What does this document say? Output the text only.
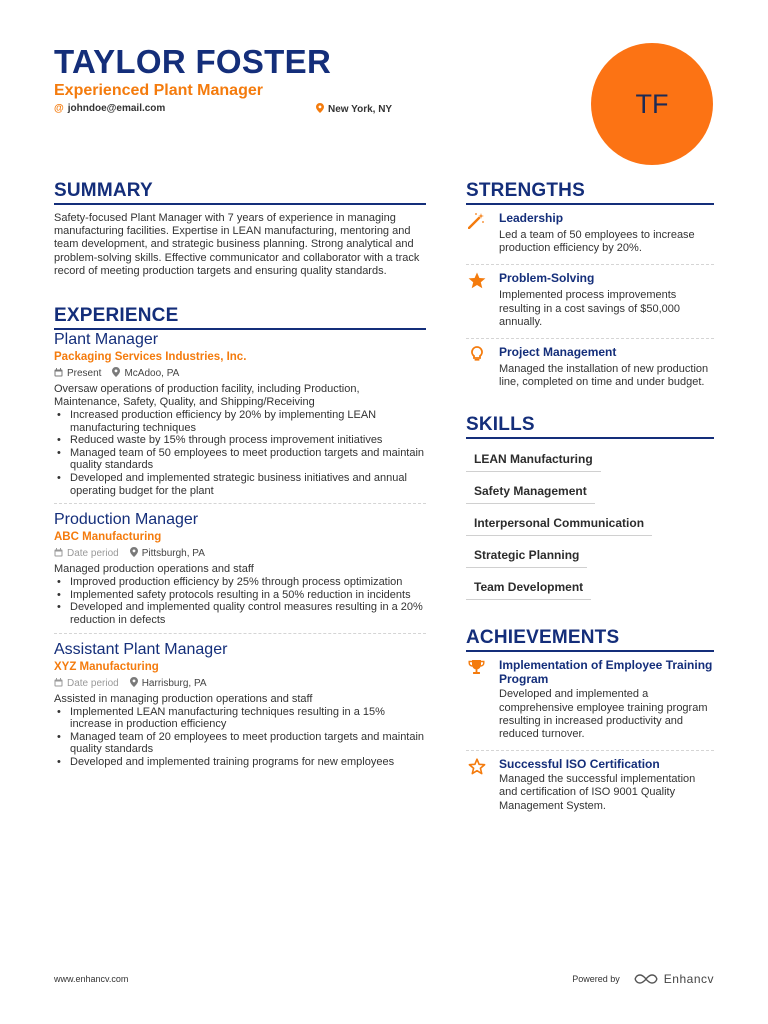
TAYLOR FOSTER
Experienced Plant Manager
@ johndoe@email.com	New York, NY	TF
SUMMARY

Safety-focused Plant Manager with 7 years of experience in managing manufacturing facilities. Expertise in LEAN manufacturing, mentoring and team development, and strategic business planning. Strong analytical and problem-solving skills. Effective communicator and collaborator with a track record of meeting production targets and ensuring quality standards.

EXPERIENCE
Plant Manager
Packaging Services Industries, Inc.
Present McAdoo, PA
Oversaw operations of production facility, including Production, Maintenance, Safety, Quality, and Shipping/Receiving
• Increased production efficiency by 20% by implementing LEAN manufacturing techniques
• Reduced waste by 15% through process improvement initiatives
• Managed team of 50 employees to meet production targets and maintain quality standards
• Developed and implemented strategic business initiatives and annual operating budget for the plant
Production Manager
ABC Manufacturing
Date period Pittsburgh, PA
Managed production operations and staff
• Improved production efficiency by 25% through process optimization
• Implemented safety protocols resulting in a 50% reduction in incidents
• Developed and implemented quality control measures resulting in a 20% reduction in defects
Assistant Plant Manager
XYZ Manufacturing
Date period Harrisburg, PA
Assisted in managing production operations and staff
• Implemented LEAN manufacturing techniques resulting in a 15% increase in production efficiency
• Managed team of 20 employees to meet production targets and maintain quality standards
• Developed and implemented training programs for new employees
STRENGTHS
Leadership
Led a team of 50 employees to increase production efficiency by 20%.
Problem-Solving
Implemented process improvements resulting in a cost savings of $50,000 annually.
Project Management
Managed the installation of new production line, completed on time and under budget.
SKILLS
LEAN Manufacturing
Safety Management
Interpersonal Communication
Strategic Planning
Team Development
ACHIEVEMENTS
Implementation of Employee Training Program
Developed and implemented a comprehensive employee training program resulting in increased productivity and reduced turnover.
Successful ISO Certification
Managed the successful implementation and certification of ISO 9001 Quality Management System.
www.enhancv.com	Powered by	Enhancv
